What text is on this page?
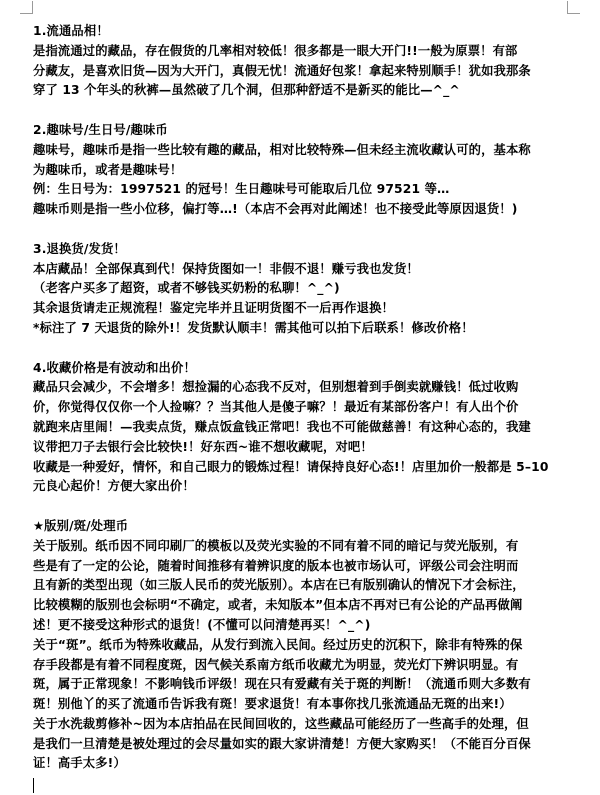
1.流通品相！
是指流通过的藏品，存在假货的几率相对较低！很多都是一眼大开门!!一般为原票！有部
分藏友，是喜欢旧货—因为大开门，真假无忧！流通好包浆！拿起来特别顺手！犹如我那条
穿了 13 个年头的秋裤—虽然破了几个洞，但那种舒适不是新买的能比—^_^
2.趣味号/生日号/趣味币
趣味号，趣味币是指一些比较有趣的藏品，相对比较特殊—但未经主流收藏认可的，基本称
为趣味币，或者是趣味号！
例：生日号为：1997521 的冠号！生日趣味号可能取后几位 97521 等…
趣味币则是指一些小位移，偏打等…!（本店不会再对此阐述！也不接受此等原因退货！)
3.退换货/发货！
本店藏品！全部保真到代！保持货图如一！非假不退！赚亏我也发货！
（老客户买多了超资，或者不够钱买奶粉的私聊！^_^)
其余退货请走正规流程！鉴定完毕并且证明货图不一后再作退换！
*标注了 7 天退货的除外!！发货默认顺丰！需其他可以拍下后联系！修改价格！
4.收藏价格是有波动和出价！
藏品只会减少，不会增多！想捡漏的心态我不反对，但别想着到手倒卖就赚钱！低过收购
价，你觉得仅仅你一个人捡嘛？？当其他人是傻子嘛？！最近有某部份客户！有人出个价
就跑来店里闹！—我卖点货，赚点饭盒钱正常吧！我也不可能做慈善！有这种心态的，我建
议带把刀子去银行会比较快!！好东西~谁不想收藏呢，对吧！
收藏是一种爱好，情怀，和自己眼力的锻炼过程！请保持良好心态!！店里加价一般都是 5–10
元良心起价！方便大家出价！
★版别/斑/处理币
关于版别。纸币因不同印刷厂的模板以及荧光实验的不同有着不同的暗记与荧光版别，有
些是有了一定的公论，随着时间推移有着辨识度的版本也被市场认可，评级公司会注明而
且有新的类型出现（如三版人民币的荧光版别）。本店在已有版别确认的情况下才会标注，
比较模糊的版别也会标明“不确定，或者，未知版本”但本店不再对已有公论的产品再做阐
述！更不接受这种形式的退货！(不懂可以问清楚再买！^_^)
关于“斑”。纸币为特殊收藏品，从发行到流入民间。经过历史的沉积下，除非有特殊的保
存手段都是有着不同程度斑，因气候关系南方纸币收藏尤为明显，荧光灯下辨识明显。有
斑，属于正常现象！不影响钱币评级！现在只有爱藏有关于斑的判断！（流通币则大多数有
斑！别他丫的买了流通币告诉我有斑！要求退货！有本事你找几张流通品无斑的出来!）
关于水洗裁剪修补~因为本店拍品在民间回收的，这些藏品可能经历了一些高手的处理，但
是我们一旦清楚是被处理过的会尽量如实的跟大家讲清楚！方便大家购买！（不能百分百保
证！高手太多!）
